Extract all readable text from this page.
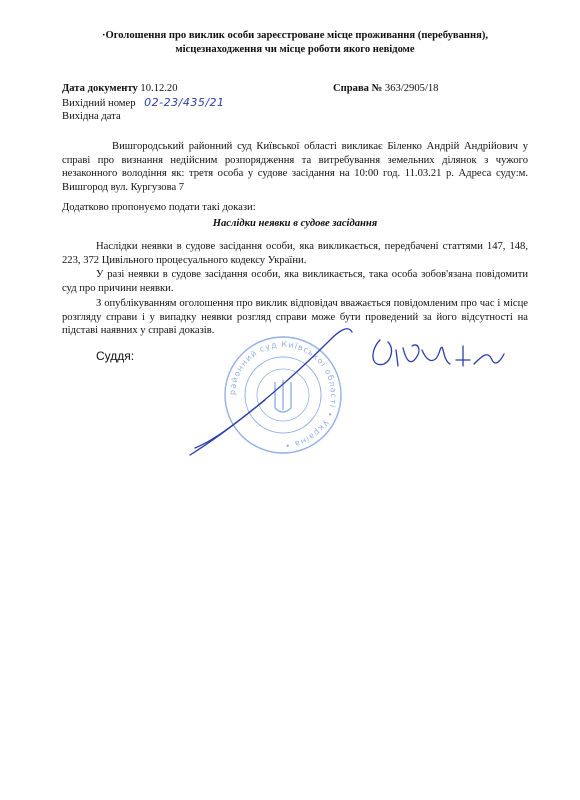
·Оголошення про виклик особи зареєстроване місце проживання (перебування),
місцезнаходження чи місце роботи якого невідоме
Дата документу 10.12.20	Справа № 363/2905/18
Вихідний номер 02-23/435/21
Вихідна дата
Вишгородський районний суд Київської області викликає Біленко Андрій Андрійович у справі про визнання недійсним розпорядження та витребування земельних ділянок з чужого незаконного володіння як: третя особа у судове засідання на 10:00 год. 11.03.21 р. Адреса суду:м. Вишгород вул. Кургузова 7
Додатково пропонуємо подати такі докази:
Наслідки неявки в судове засідання
Наслідки неявки в судове засідання особи, яка викликається, передбачені статтями 147, 148, 223, 372 Цивільного процесуального кодексу України.
У разі неявки в судове засідання особи, яка викликається, така особа зобов'язана повідомити суд про причини неявки.
З опублікуванням оголошення про виклик відповідач вважається повідомленим про час і місце розгляду справи і у випадку неявки розгляд справи може бути проведений за його відсутності на підставі наявних у справі доказів.
Суддя:
районний суд Київської області • Україна •
